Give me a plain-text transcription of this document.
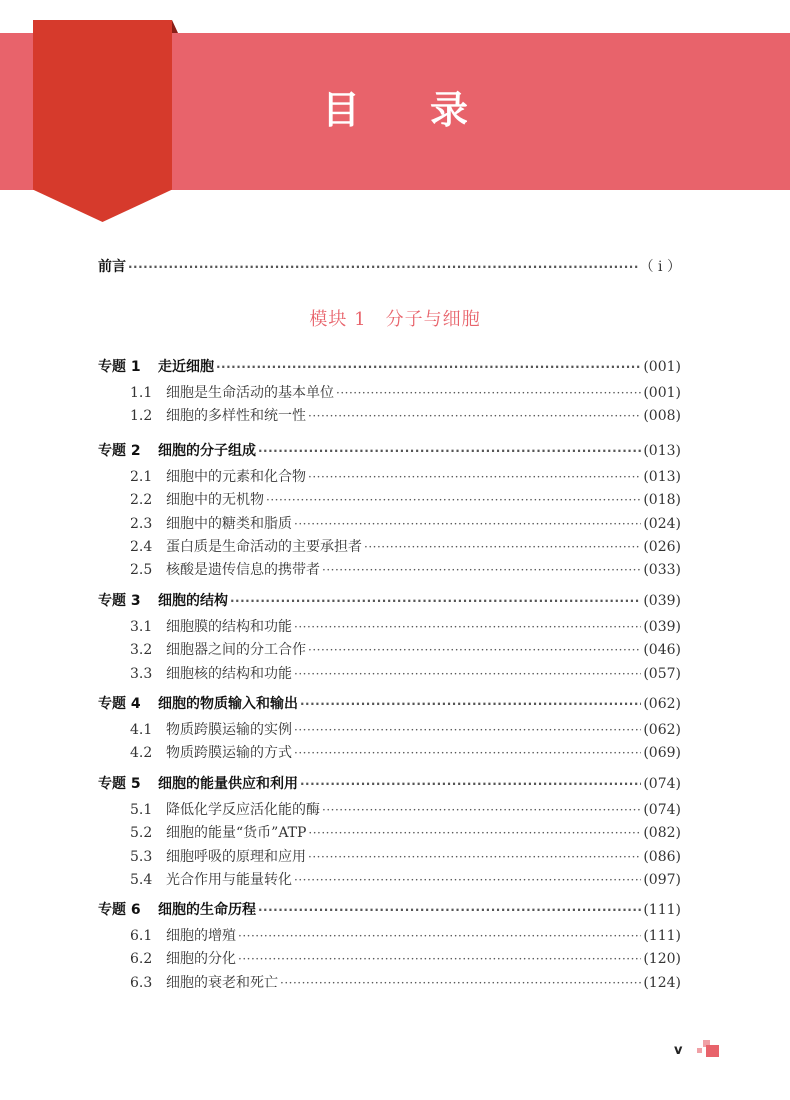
目录
前言 ·····	（ i ）
模块 1　分子与细胞
专题 1	走近细胞 ·····	(001)
1.1 细胞是生命活动的基本单位 ·····	(001)
1.2 细胞的多样性和统一性 ·····	(008)
专题 2	细胞的分子组成 ·····	(013)
2.1 细胞中的元素和化合物 ·····	(013)
2.2 细胞中的无机物 ·····	(018)
2.3 细胞中的糖类和脂质 ·····	(024)
2.4 蛋白质是生命活动的主要承担者 ·····	(026)
2.5 核酸是遗传信息的携带者 ·····	(033)
专题 3	细胞的结构 ·····	(039)
3.1 细胞膜的结构和功能 ·····	(039)
3.2 细胞器之间的分工合作 ·····	(046)
3.3 细胞核的结构和功能 ·····	(057)
专题 4	细胞的物质输入和输出 ·····	(062)
4.1 物质跨膜运输的实例 ·····	(062)
4.2 物质跨膜运输的方式 ·····	(069)
专题 5	细胞的能量供应和利用 ·····	(074)
5.1 降低化学反应活化能的酶 ·····	(074)
5.2 细胞的能量“货币”ATP ·····	(082)
5.3 细胞呼吸的原理和应用 ·····	(086)
5.4 光合作用与能量转化 ·····	(097)
专题 6	细胞的生命历程 ·····	(111)
6.1 细胞的增殖 ·····	(111)
6.2 细胞的分化 ·····	(120)
6.3 细胞的衰老和死亡 ·····	(124)
v
